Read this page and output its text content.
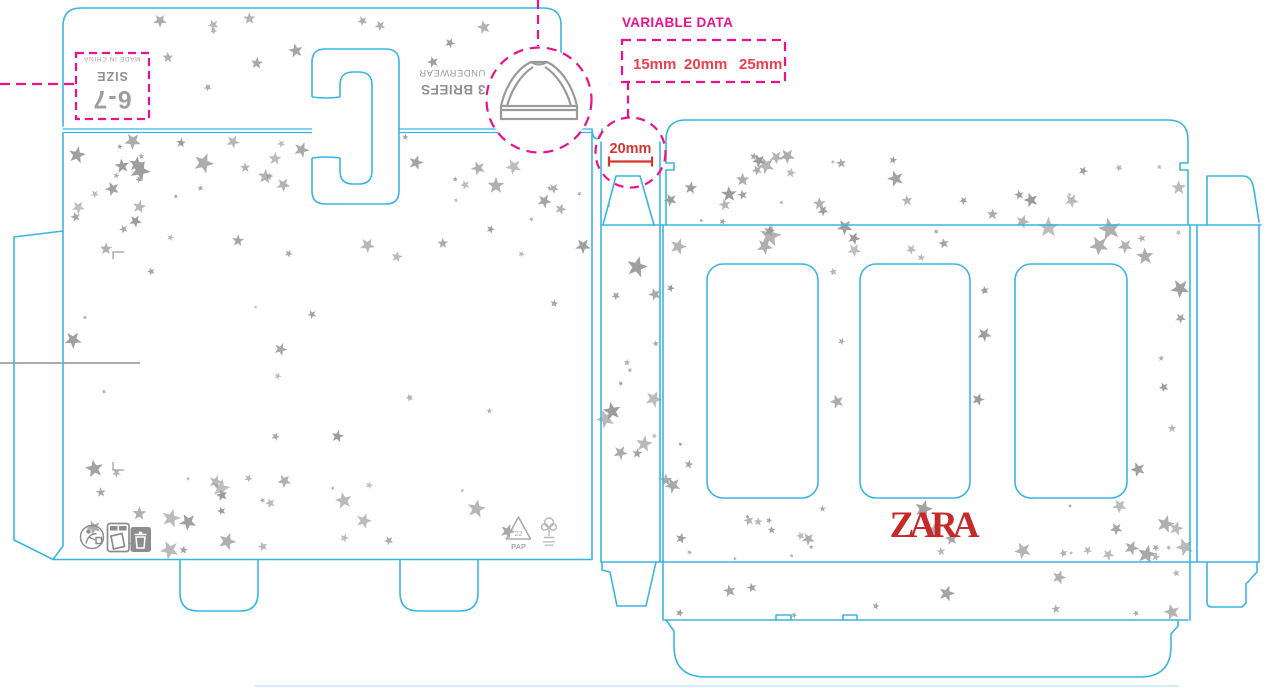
MADE IN CHINA
SIZE
6-7
UNDERWEAR
3 BRIEFS
ZARA
22
PAP
VARIABLE DATA
15mm 20mm 25mm
20mm
